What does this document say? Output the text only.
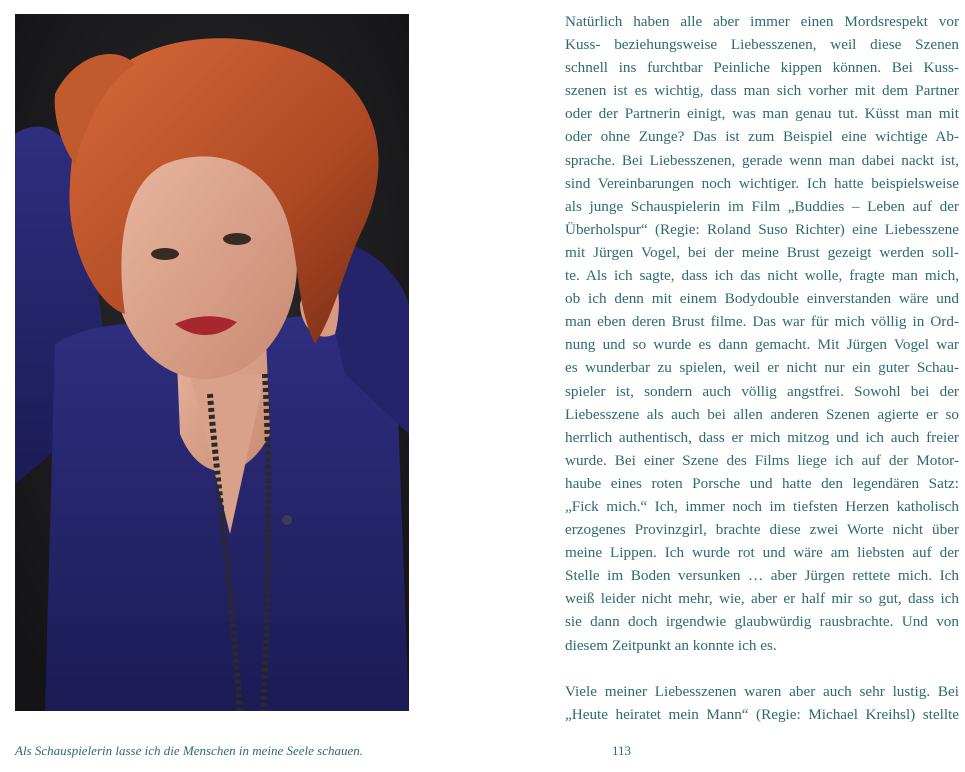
Als Schauspielerin lasse ich die Menschen in meine Seele schauen.	113
Natürlich haben alle aber immer einen Mordsrespekt vor
Kuss- beziehungsweise Liebesszenen, weil diese Szenen
schnell ins furchtbar Peinliche kippen können. Bei Kuss-
szenen ist es wichtig, dass man sich vorher mit dem Partner
oder der Partnerin einigt, was man genau tut. Küsst man mit
oder ohne Zunge? Das ist zum Beispiel eine wichtige Ab-
sprache. Bei Liebesszenen, gerade wenn man dabei nackt ist,
sind Vereinbarungen noch wichtiger. Ich hatte beispielsweise
als junge Schauspielerin im Film „Buddies – Leben auf der
Überholspur“ (Regie: Roland Suso Richter) eine Liebesszene
mit Jürgen Vogel, bei der meine Brust gezeigt werden soll-
te. Als ich sagte, dass ich das nicht wolle, fragte man mich,
ob ich denn mit einem Bodydouble einverstanden wäre und
man eben deren Brust filme. Das war für mich völlig in Ord-
nung und so wurde es dann gemacht. Mit Jürgen Vogel war
es wunderbar zu spielen, weil er nicht nur ein guter Schau-
spieler ist, sondern auch völlig angstfrei. Sowohl bei der
Liebesszene als auch bei allen anderen Szenen agierte er so
herrlich authentisch, dass er mich mitzog und ich auch freier
wurde. Bei einer Szene des Films liege ich auf der Motor-
haube eines roten Porsche und hatte den legendären Satz:
„Fick mich.“ Ich, immer noch im tiefsten Herzen katholisch
erzogenes Provinzgirl, brachte diese zwei Worte nicht über
meine Lippen. Ich wurde rot und wäre am liebsten auf der
Stelle im Boden versunken … aber Jürgen rettete mich. Ich
weiß leider nicht mehr, wie, aber er half mir so gut, dass ich
sie dann doch irgendwie glaubwürdig rausbrachte. Und von
diesem Zeitpunkt an konnte ich es.
Viele meiner Liebesszenen waren aber auch sehr lustig. Bei
„Heute heiratet mein Mann“ (Regie: Michael Kreihsl) stellte
